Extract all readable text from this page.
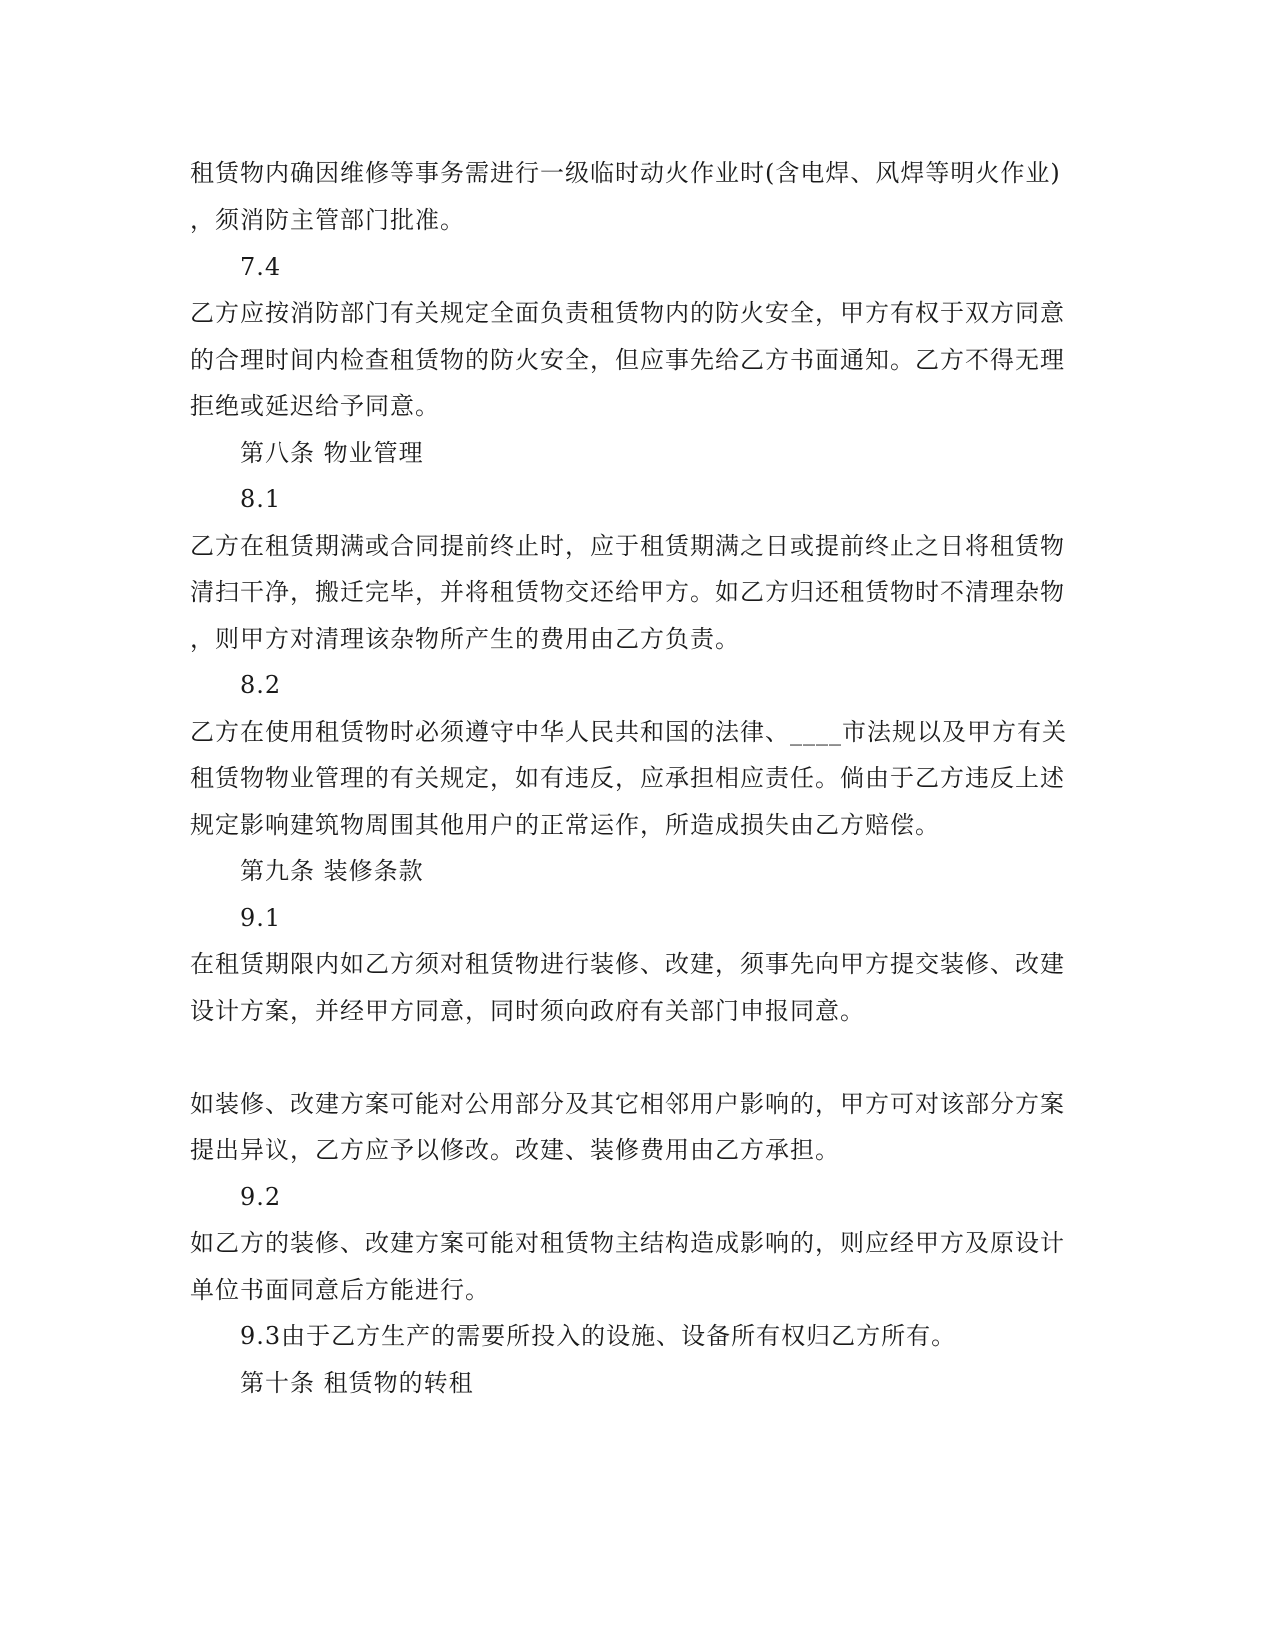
租赁物内确因维修等事务需进行一级临时动火作业时(含电焊、风焊等明火作业)
，须消防主管部门批准。
7.4
乙方应按消防部门有关规定全面负责租赁物内的防火安全，甲方有权于双方同意
的合理时间内检查租赁物的防火安全，但应事先给乙方书面通知。乙方不得无理
拒绝或延迟给予同意。
第八条 物业管理
8.1
乙方在租赁期满或合同提前终止时，应于租赁期满之日或提前终止之日将租赁物
清扫干净，搬迁完毕，并将租赁物交还给甲方。如乙方归还租赁物时不清理杂物
，则甲方对清理该杂物所产生的费用由乙方负责。
8.2
乙方在使用租赁物时必须遵守中华人民共和国的法律、____市法规以及甲方有关
租赁物物业管理的有关规定，如有违反，应承担相应责任。倘由于乙方违反上述
规定影响建筑物周围其他用户的正常运作，所造成损失由乙方赔偿。
第九条 装修条款
9.1
在租赁期限内如乙方须对租赁物进行装修、改建，须事先向甲方提交装修、改建
设计方案，并经甲方同意，同时须向政府有关部门申报同意。
如装修、改建方案可能对公用部分及其它相邻用户影响的，甲方可对该部分方案
提出异议，乙方应予以修改。改建、装修费用由乙方承担。
9.2
如乙方的装修、改建方案可能对租赁物主结构造成影响的，则应经甲方及原设计
单位书面同意后方能进行。
9.3由于乙方生产的需要所投入的设施、设备所有权归乙方所有。
第十条 租赁物的转租
